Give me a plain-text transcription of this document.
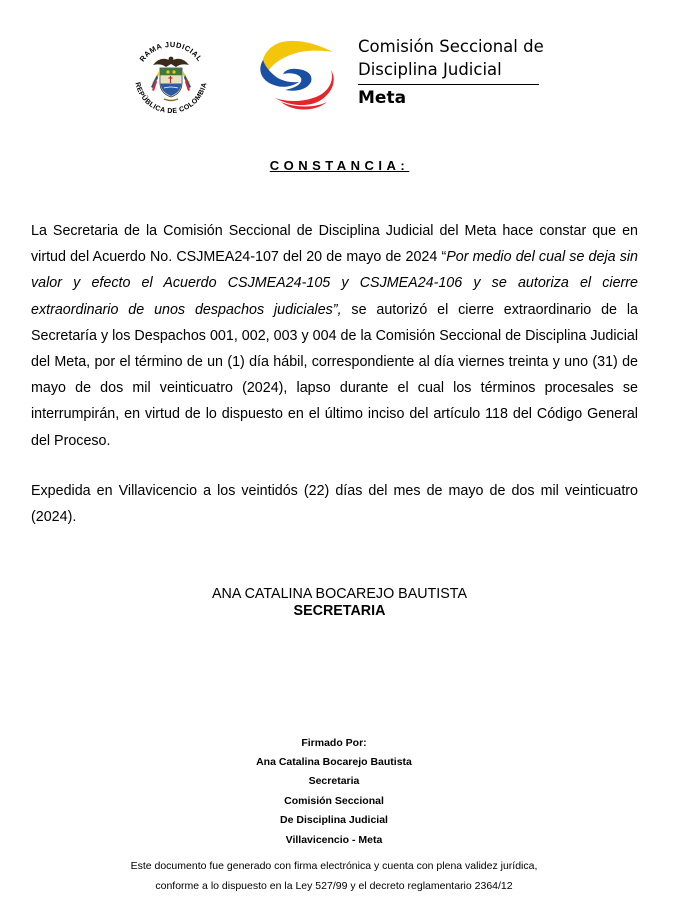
RAMA JUDICIAL
REPÚBLICA DE COLOMBIA
Comisión Seccional de
Disciplina Judicial
Meta
CONSTANCIA:
La Secretaria de la Comisión Seccional de Disciplina Judicial del Meta hace constar que en virtud del Acuerdo No. CSJMEA24-107 del 20 de mayo de 2024 “Por medio del cual se deja sin valor y efecto el Acuerdo CSJMEA24-105 y CSJMEA24-106 y se autoriza el cierre extraordinario de unos despachos judiciales”, se autorizó el cierre extraordinario de la Secretaría y los Despachos 001, 002, 003 y 004 de la Comisión Seccional de Disciplina Judicial del Meta, por el término de un (1) día hábil, correspondiente al día viernes treinta y uno (31) de mayo de dos mil veinticuatro (2024), lapso durante el cual los términos procesales se interrumpirán, en virtud de lo dispuesto en el último inciso del artículo 118 del Código General del Proceso.
Expedida en Villavicencio a los veintidós (22) días del mes de mayo de dos mil veinticuatro (2024).
ANA CATALINA BOCAREJO BAUTISTA
SECRETARIA
Firmado Por:
Ana Catalina Bocarejo Bautista
Secretaria
Comisión Seccional
De Disciplina Judicial
Villavicencio - Meta
Este documento fue generado con firma electrónica y cuenta con plena validez jurídica,
conforme a lo dispuesto en la Ley 527/99 y el decreto reglamentario 2364/12
